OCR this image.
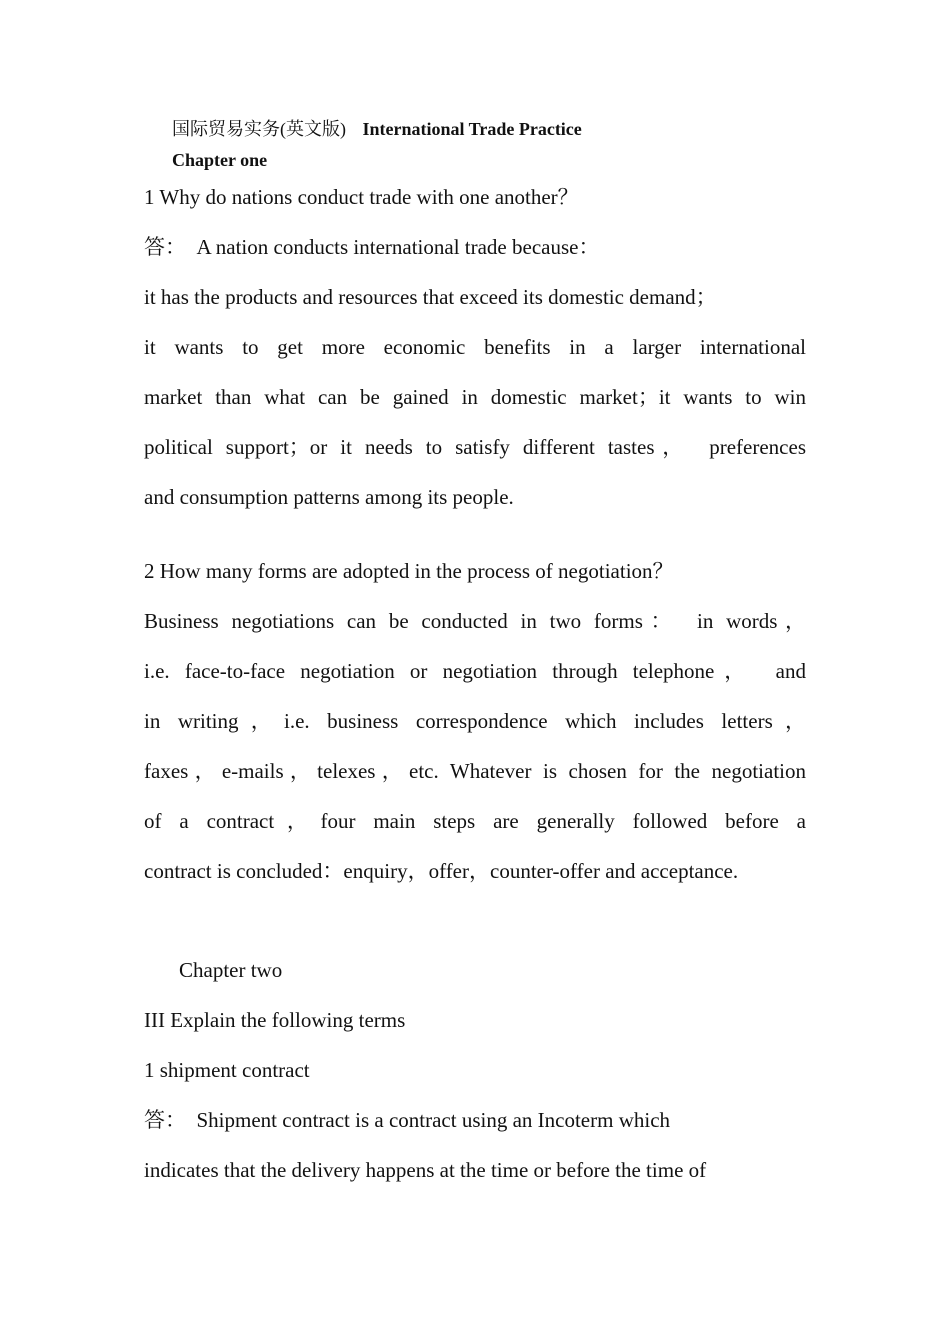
国际贸易实务(英文版) International Trade Practice
Chapter one
1 Why do nations conduct trade with one another？
答：　A nation conducts international trade because：
it has the products and resources that exceed its domestic demand；
it wants to get more economic benefits in a larger international
market than what can be gained in domestic market；it wants to win
political support；or it needs to satisfy different tastes，　preferences
and consumption patterns among its people.
2 How many forms are adopted in the process of negotiation？
Business negotiations can be conducted in two forms：　in words，
i.e. face-to-face negotiation or negotiation through telephone，　and
in writing，i.e. business correspondence which includes letters，
faxes，e-mails，telexes，etc. Whatever is chosen for the negotiation
of a contract，four main steps are generally followed before a
contract is concluded：enquiry，offer，counter-offer and acceptance.
Chapter two
III Explain the following terms
1 shipment contract
答：　Shipment contract is a contract using an Incoterm which
indicates that the delivery happens at the time or before the time of
